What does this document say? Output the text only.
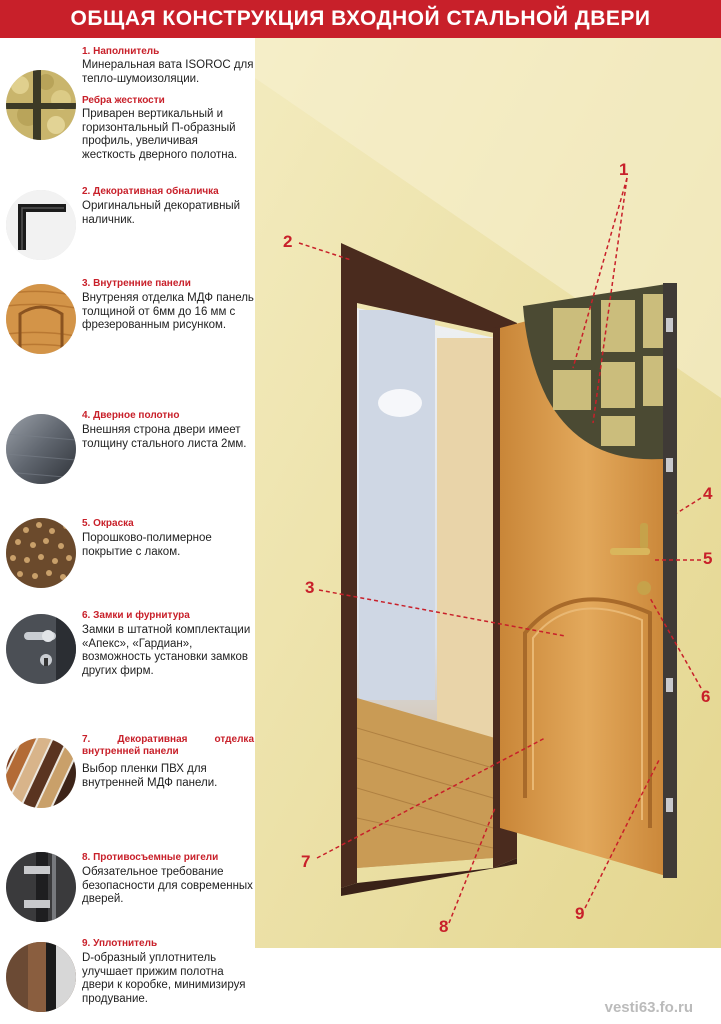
ОБЩАЯ КОНСТРУКЦИЯ ВХОДНОЙ СТАЛЬНОЙ ДВЕРИ
1. Наполнитель
Минеральная вата ISOROC для тепло-шумоизоляции.
Ребра жесткости
Приварен вертикальный и горизонтальный П-образный профиль, увеличивая жесткость дверного полотна.
2. Декоративная обналичка
Оригинальный декоративный наличник.
3. Внутренние панели
Внутреняя отделка МДФ панель толщиной от 6мм до 16 мм с фрезерованным рисунком.
4. Дверное полотно
Внешняя строна двери имеет толщину стального листа 2мм.
5. Окраска
Порошково-полимерное покрытие с лаком.
6. Замки и фурнитура
Замки в штатной комплектации «Апекс», «Гардиан», возможность установки замков других фирм.
7. Декоративная отделка внутренней панели
Выбор пленки ПВХ для внутренней МДФ панели.
8. Противосъемные ригели
Обязательное требование безопасности для современных дверей.
9. Уплотнитель
D-образный уплотнитель улучшает прижим полотна двери к коробке, минимизируя продувание.
1
2
3
4
5
6
7
8
9
vesti63.fo.ru
